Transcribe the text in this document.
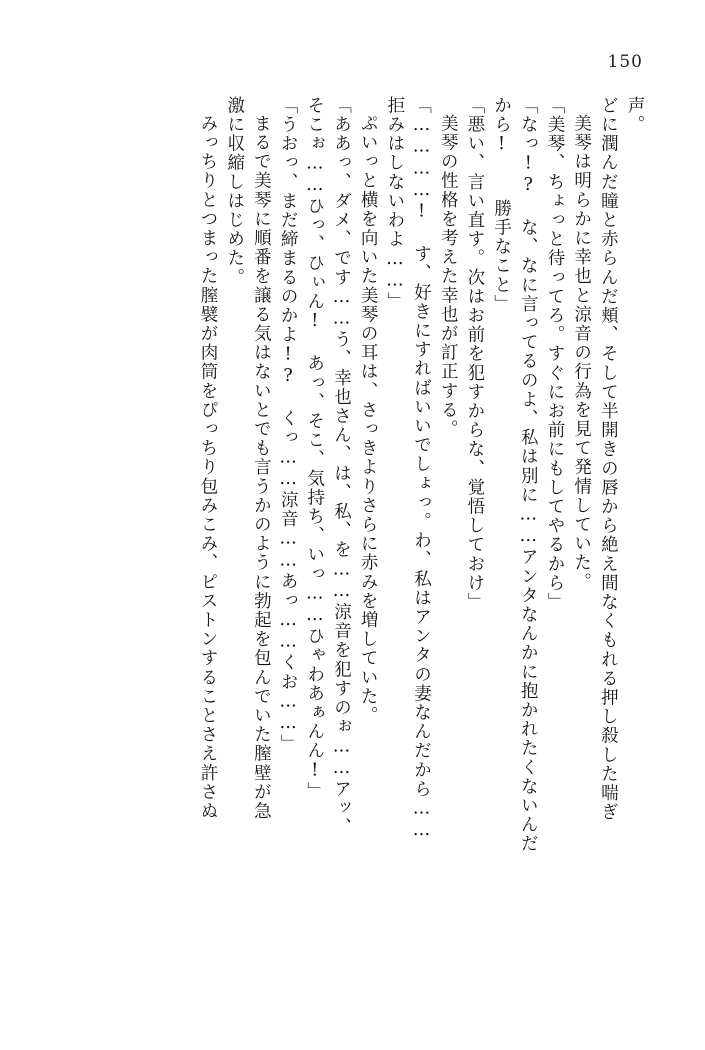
150
声。
どに潤んだ瞳と赤らんだ頬、そして半開きの唇から絶え間なくもれる押し殺した喘ぎ
美琴は明らかに幸也と涼音の行為を見て発情していた。
「美琴、ちょっと待ってろ。すぐにお前にもしてやるから」
「なっ!? な、なに言ってるのよ、私は別に……アンタなんかに抱かれたくないんだ
から!  勝手なこと」
「悪い、言い直す。次はお前を犯すからな、覚悟しておけ」
美琴の性格を考えた幸也が訂正する。
「…………! す、好きにすればいいでしょっ。わ、私はアンタの妻なんだから……
拒みはしないわよ……」
ぷいっと横を向いた美琴の耳は、さっきよりさらに赤みを増していた。
「ああっ、ダメ、です……う、幸也さん、は、私、を……涼音を犯すのぉ……アッ、
そこぉ……ひっ、ひぃん! あっ、そこ、気持ち、いっ……ひゃわあぁんん!」
「うおっ、まだ締まるのかよ!? くっ……涼音……あっ……くお……」
まるで美琴に順番を譲る気はないとでも言うかのように勃起を包んでいた膣壁が急
激に収縮しはじめた。
みっちりとつまった膣襞が肉筒をぴっちり包みこみ、ピストンすることさえ許さぬ
